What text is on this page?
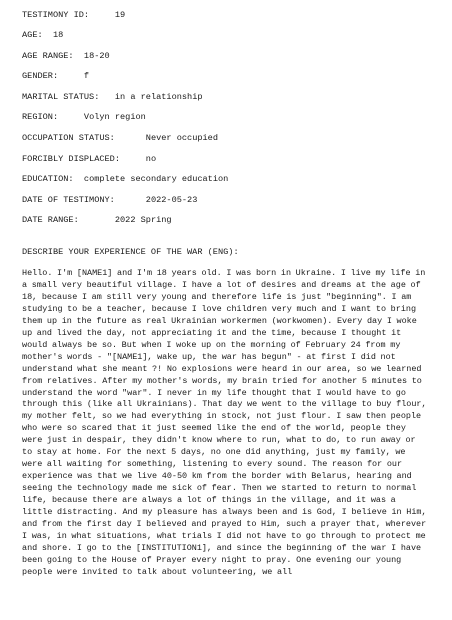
TESTIMONY ID:	19
AGE: 18
AGE RANGE: 18-20
GENDER:	f
MARITAL STATUS: in a relationship
REGION:	Volyn region
OCCUPATION STATUS:	Never occupied
FORCIBLY DISPLACED:	no
EDUCATION: complete secondary education
DATE OF TESTIMONY:	2022-05-23
DATE RANGE:	2022 Spring
DESCRIBE YOUR EXPERIENCE OF THE WAR (ENG):
Hello. I'm [NAME1] and I'm 18 years old. I was born in Ukraine. I live my life in a small very beautiful village. I have a lot of desires and dreams at the age of 18, because I am still very young and therefore life is just "beginning". I am studying to be a teacher, because I love children very much and I want to bring them up in the future as real Ukrainian workermen (workwomen). Every day I woke up and lived the day, not appreciating it and the time, because I thought it would always be so. But when I woke up on the morning of February 24 from my mother's words - "[NAME1], wake up, the war has begun" - at first I did not understand what she meant ?! No explosions were heard in our area, so we learned from relatives. After my mother's words, my brain tried for another 5 minutes to understand the word "war". I never in my life thought that I would have to go through this (like all Ukrainians). That day we went to the village to buy flour, my mother felt, so we had everything in stock, not just flour. I saw then people who were so scared that it just seemed like the end of the world, people they were just in despair, they didn't know where to run, what to do, to run away or to stay at home. For the next 5 days, no one did anything, just my family, we were all waiting for something, listening to every sound. The reason for our experience was that we live 40-50 km from the border with Belarus, hearing and seeing the technology made me sick of fear. Then we started to return to normal life, because there are always a lot of things in the village, and it was a little distracting. And my pleasure has always been and is God, I believe in Him, and from the first day I believed and prayed to Him, such a prayer that, wherever I was, in what situations, what trials I did not have to go through to protect me and shore. I go to the [INSTITUTION1], and since the beginning of the war I have been going to the House of Prayer every night to pray. One evening our young people were invited to talk about volunteering, we all
